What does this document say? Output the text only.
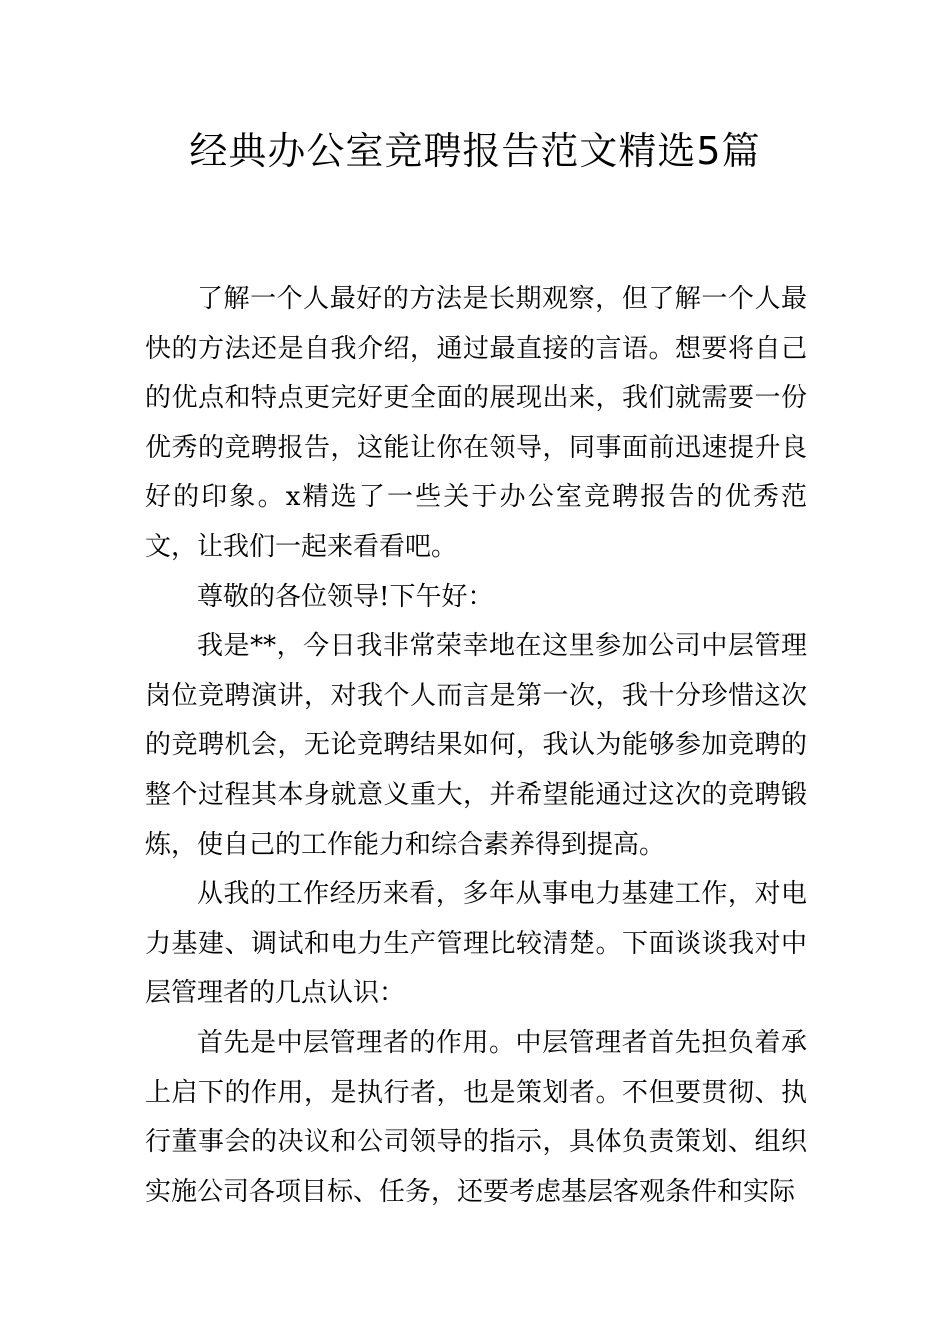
经典办公室竞聘报告范文精选5篇

了解一个人最好的方法是长期观察，但了解一个人最快的方法还是自我介绍，通过最直接的言语。想要将自己的优点和特点更完好更全面的展现出来，我们就需要一份优秀的竞聘报告，这能让你在领导，同事面前迅速提升良好的印象。x精选了一些关于办公室竞聘报告的优秀范文，让我们一起来看看吧。

尊敬的各位领导!下午好：

我是**，今日我非常荣幸地在这里参加公司中层管理岗位竞聘演讲，对我个人而言是第一次，我十分珍惜这次的竞聘机会，无论竞聘结果如何，我认为能够参加竞聘的整个过程其本身就意义重大，并希望能通过这次的竞聘锻炼，使自己的工作能力和综合素养得到提高。

从我的工作经历来看，多年从事电力基建工作，对电力基建、调试和电力生产管理比较清楚。下面谈谈我对中层管理者的几点认识：

首先是中层管理者的作用。中层管理者首先担负着承上启下的作用，是执行者，也是策划者。不但要贯彻、执行董事会的决议和公司领导的指示，具体负责策划、组织实施公司各项目标、任务，还要考虑基层客观条件和实际
